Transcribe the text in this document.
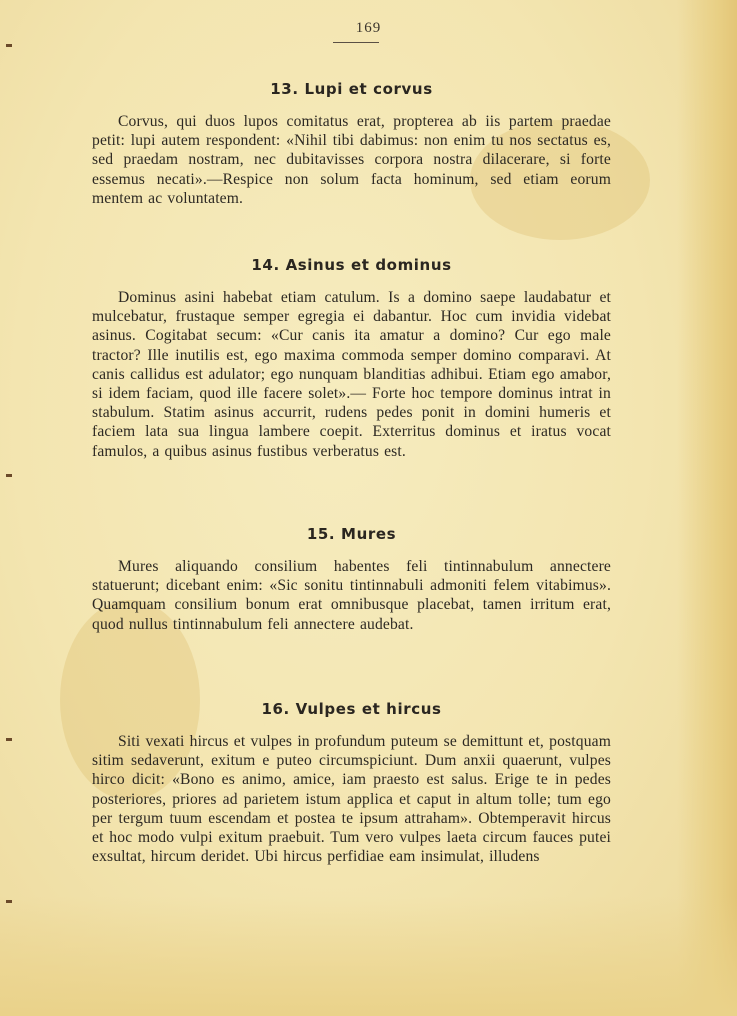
169
13. Lupi et corvus

Corvus, qui duos lupos comitatus erat, propterea ab iis partem praedae petit: lupi autem respondent: «Nihil tibi dabimus: non enim tu nos sectatus es, sed praedam nostram, nec dubitavisses corpora nostra dilacerare, si forte essemus necati».—Respice non solum facta hominum, sed etiam eorum mentem ac voluntatem.

14. Asinus et dominus

Dominus asini habebat etiam catulum. Is a domino saepe laudabatur et mulcebatur, frustaque semper egregia ei dabantur. Hoc cum invidia videbat asinus. Cogitabat secum: «Cur canis ita amatur a domino? Cur ego male tractor? Ille inutilis est, ego maxima commoda semper domino comparavi. At canis callidus est adulator; ego nunquam blanditias adhibui. Etiam ego amabor, si idem faciam, quod ille facere solet».— Forte hoc tempore dominus intrat in stabulum. Statim asinus accurrit, rudens pedes ponit in domini humeris et faciem lata sua lingua lambere coepit. Exterritus dominus et iratus vocat famulos, a quibus asinus fustibus verberatus est.

15. Mures

Mures aliquando consilium habentes feli tintinnabulum annectere statuerunt; dicebant enim: «Sic sonitu tintinnabuli admoniti felem vitabimus». Quamquam consilium bonum erat omnibusque placebat, tamen irritum erat, quod nullus tintinnabulum feli annectere audebat.

16. Vulpes et hircus

Siti vexati hircus et vulpes in profundum puteum se demittunt et, postquam sitim sedaverunt, exitum e puteo circumspiciunt. Dum anxii quaerunt, vulpes hirco dicit: «Bono es animo, amice, iam praesto est salus. Erige te in pedes posteriores, priores ad parietem istum applica et caput in altum tolle; tum ego per tergum tuum escendam et postea te ipsum attraham». Obtemperavit hircus et hoc modo vulpi exitum praebuit. Tum vero vulpes laeta circum fauces putei exsultat, hircum deridet. Ubi hircus perfidiae eam insimulat, illudens
